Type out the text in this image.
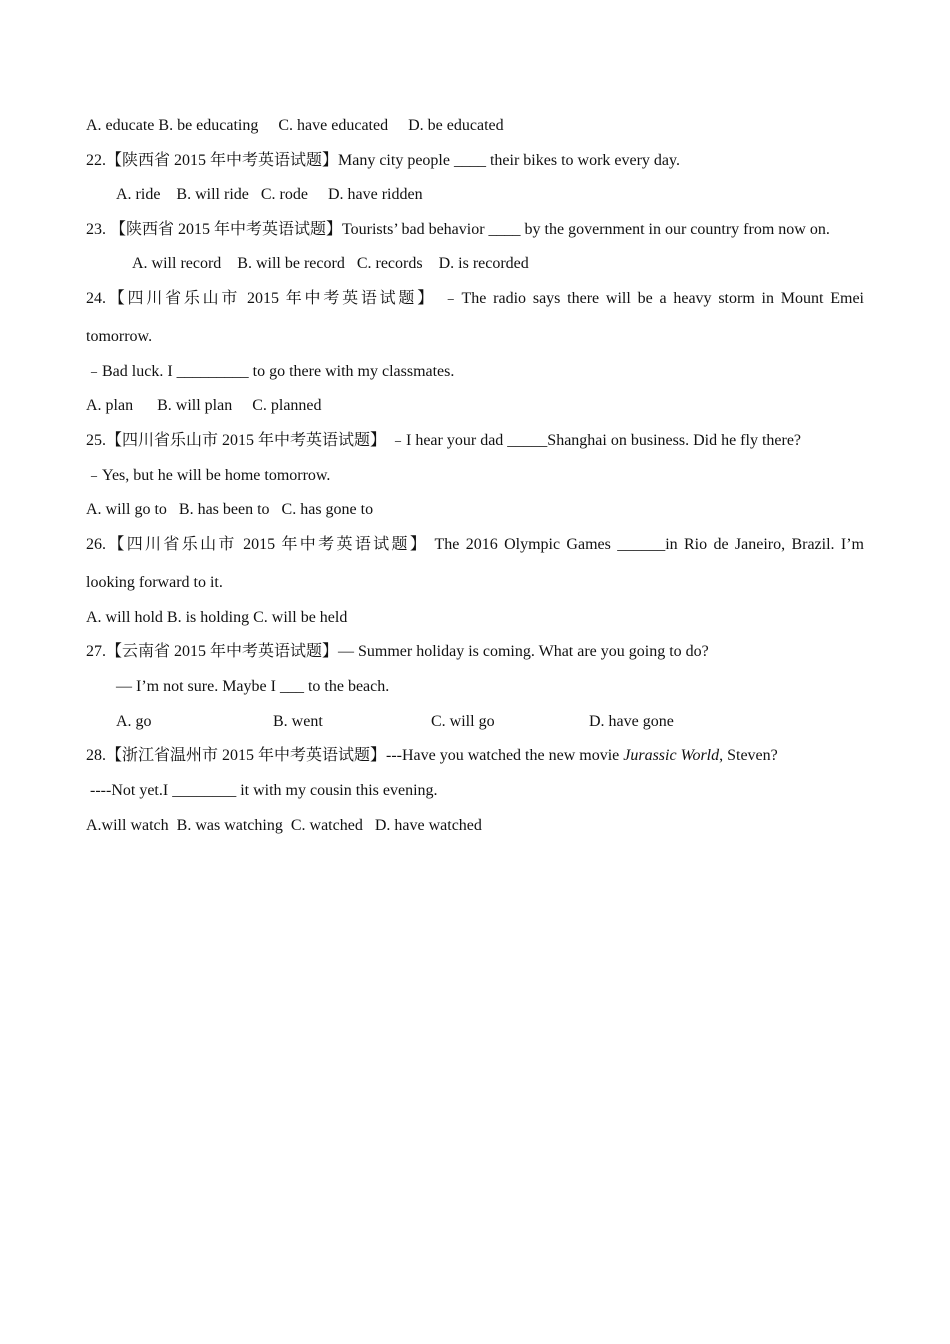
A. educate B. be educating     C. have educated     D. be educated
22.【陕西省 2015 年中考英语试题】Many city people ____ their bikes to work every day.
A. ride    B. will ride   C. rode     D. have ridden
23. 【陕西省 2015 年中考英语试题】Tourists’ bad behavior ____ by the government in our country from now on.
A. will record    B. will be record   C. records    D. is recorded
24.【四川省乐山市 2015 年中考英语试题】 ﹣The radio says there will be a heavy storm in Mount Emei
tomorrow.
﹣Bad luck. I _________ to go there with my classmates.
A. plan      B. will plan     C. planned
25.【四川省乐山市 2015 年中考英语试题】 ﹣I hear your dad _____Shanghai on business. Did he fly there?
﹣Yes, but he will be home tomorrow.
A. will go to   B. has been to   C. has gone to
26.【四川省乐山市 2015 年中考英语试题】 The 2016 Olympic Games ______in Rio de Janeiro, Brazil. I’m
looking forward to it.
A. will hold B. is holding C. will be held
27.【云南省 2015 年中考英语试题】— Summer holiday is coming. What are you going to do?
— I’m not sure. Maybe I ___ to the beach.
A. go	B. went	C. will go	D. have gone
28.【浙江省温州市 2015 年中考英语试题】---Have you watched the new movie Jurassic World, Steven?
----Not yet.I ________ it with my cousin this evening.
A.will watch  B. was watching  C. watched   D. have watched
